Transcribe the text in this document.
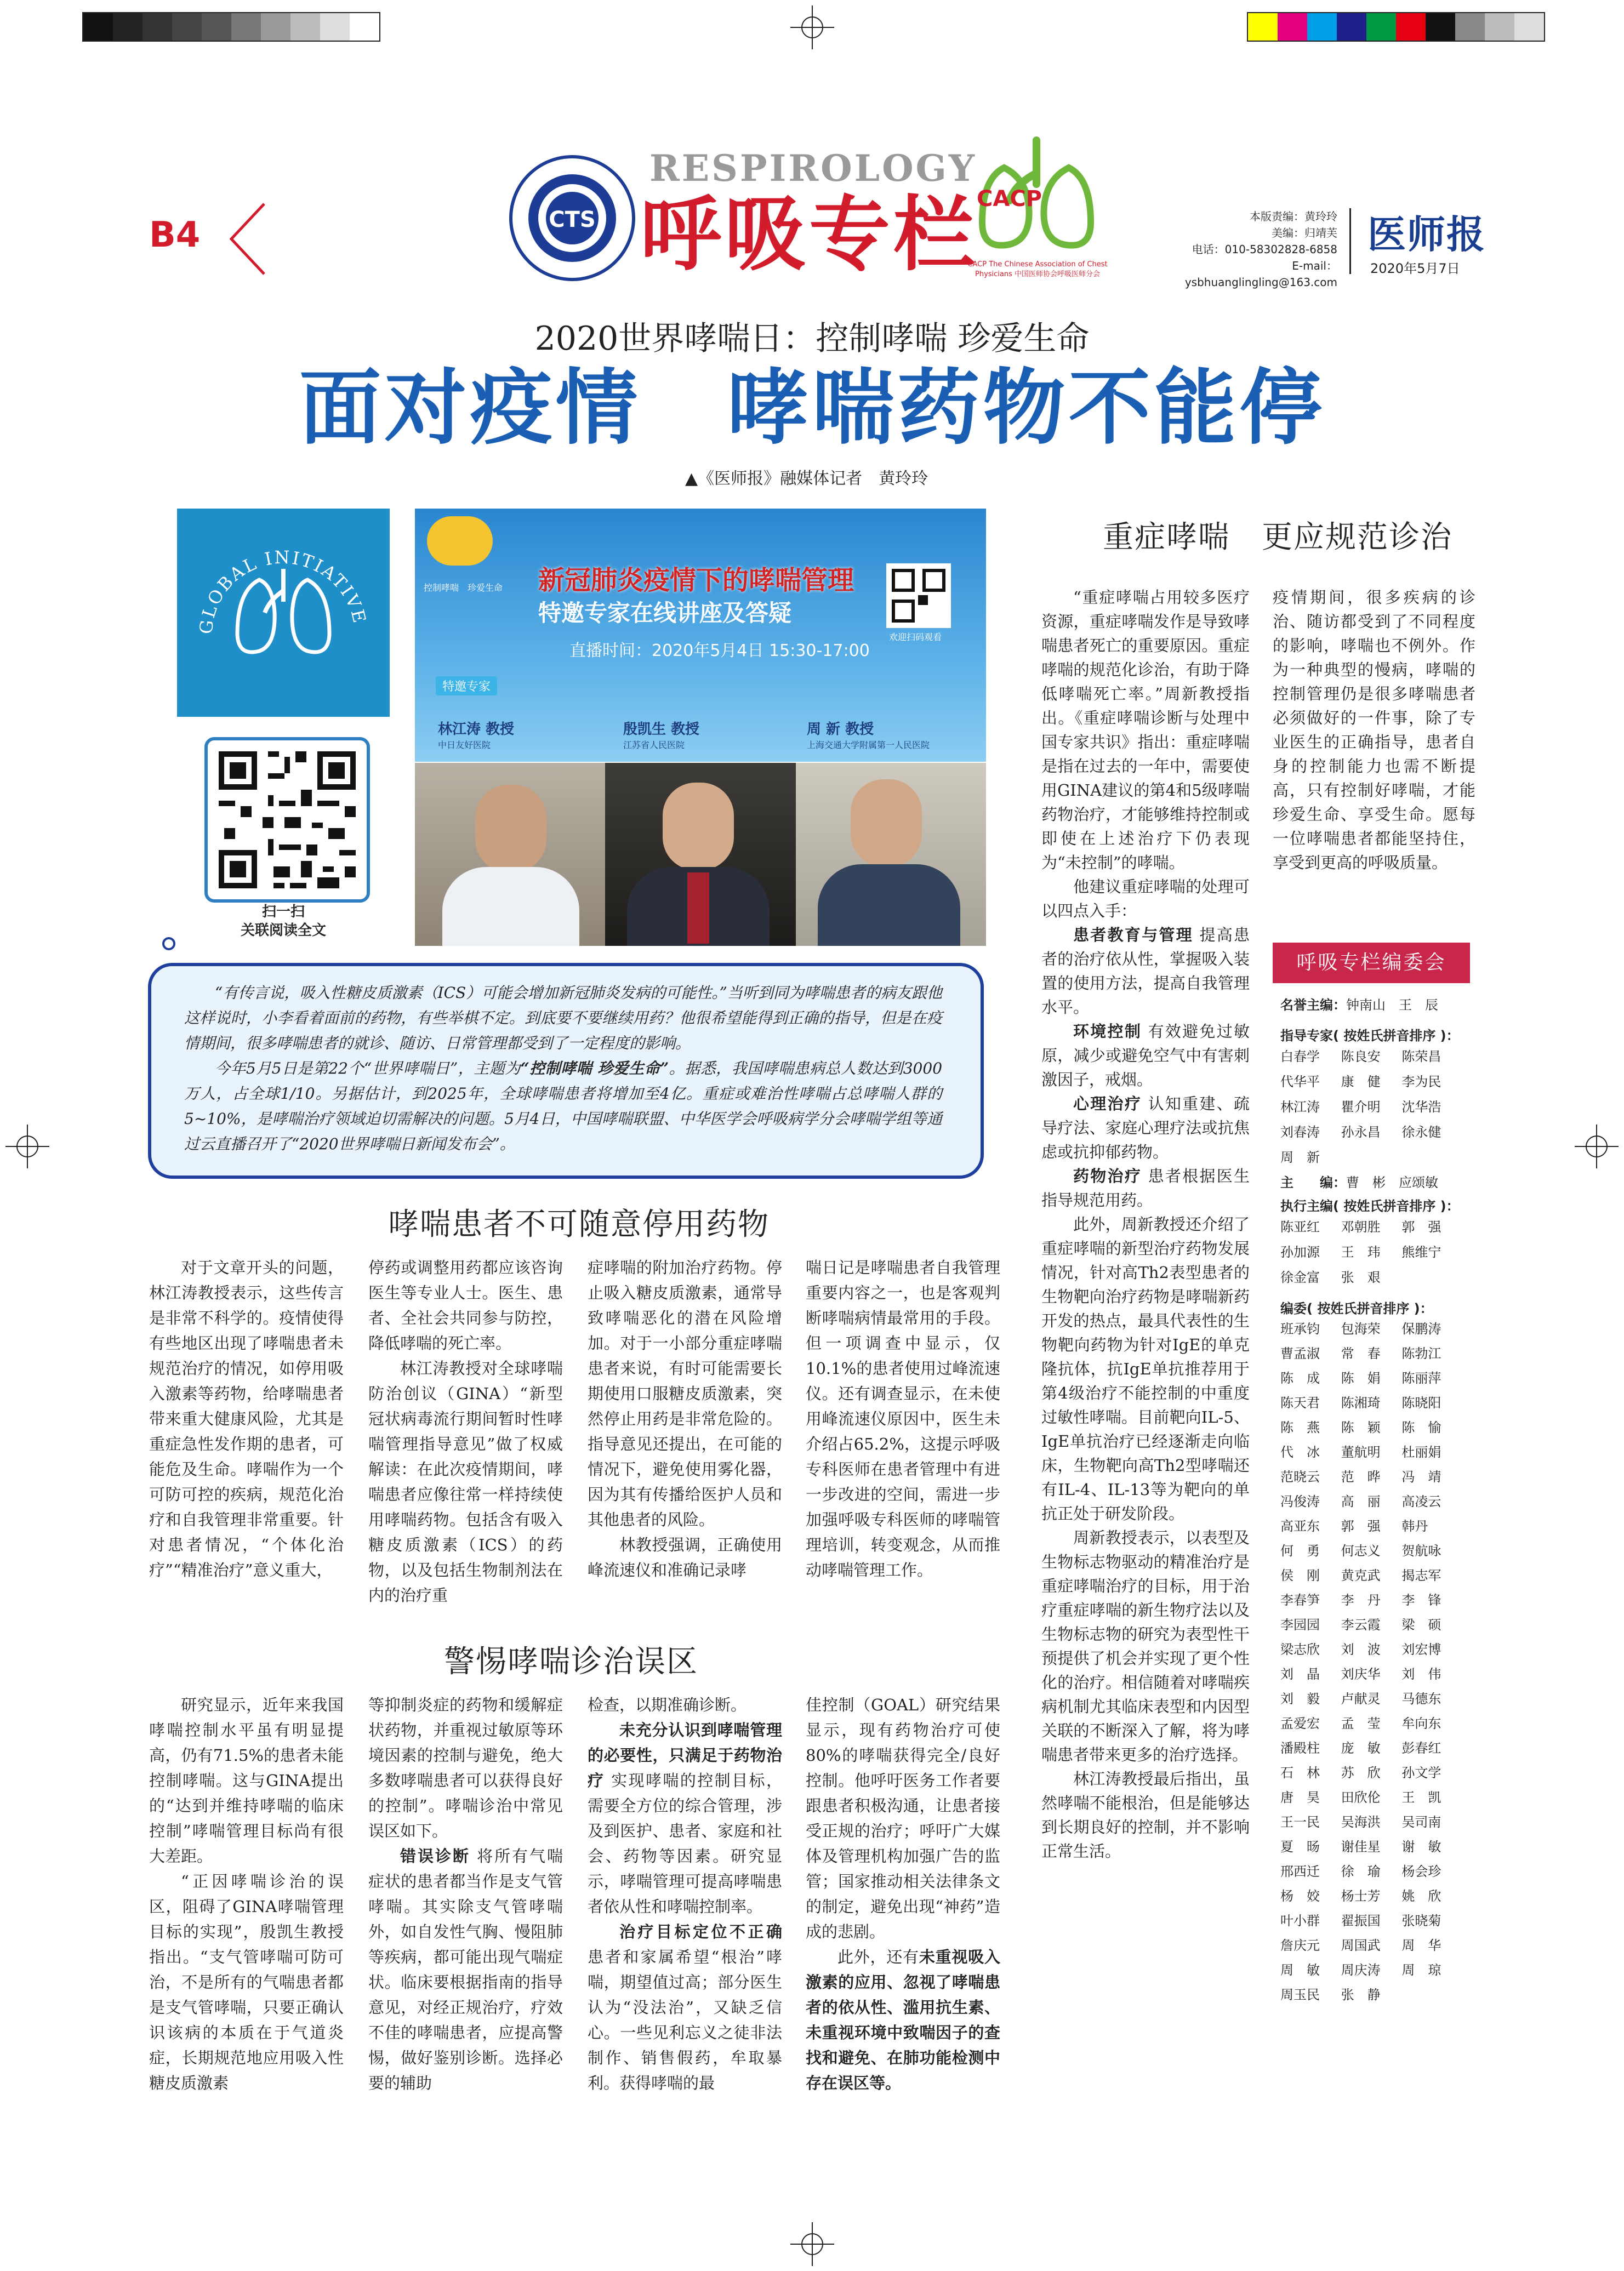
B4	CTS
RESPIROLOGY
呼吸专栏
CACP
CACP The Chinese Association of Chest Physicians 中国医师协会呼吸医师分会
本版责编：黄玲玲
美编：归靖芙
电话：010-58302828-6858
E-mail：ysbhuanglingling@163.com
医师报
2020年5月7日
2020世界哮喘日：控制哮喘 珍爱生命
面对疫情　哮喘药物不能停
▲《医师报》融媒体记者　黄玲玲
GLOBAL INITIATIVE
扫一扫
关联阅读全文
控制哮喘　珍爱生命 新冠肺炎疫情下的哮喘管理
特邀专家在线讲座及答疑
直播时间：2020年5月4日 15:30-17:00
欢迎扫码观看
特邀专家
林江涛 教授
中日友好医院
殷凯生 教授
江苏省人民医院
周 新 教授
上海交通大学附属第一人民医院

“有传言说，吸入性糖皮质激素（ICS）可能会增加新冠肺炎发病的可能性。”当听到同为哮喘患者的病友跟他这样说时，小李看着面前的药物，有些举棋不定。到底要不要继续用药？他很希望能得到正确的指导，但是在疫情期间，很多哮喘患者的就诊、随访、日常管理都受到了一定程度的影响。

今年5月5日是第22个“世界哮喘日”，主题为“控制哮喘 珍爱生命”。据悉，我国哮喘患病总人数达到3000万人，占全球1/10。另据估计，到2025年，全球哮喘患者将增加至4亿。重症或难治性哮喘占总哮喘人群的5~10%，是哮喘治疗领域迫切需解决的问题。5月4日，中国哮喘联盟、中华医学会呼吸病学分会哮喘学组等通过云直播召开了“2020世界哮喘日新闻发布会”。

哮喘患者不可随意停用药物

对于文章开头的问题，林江涛教授表示，这些传言是非常不科学的。疫情使得有些地区出现了哮喘患者未规范治疗的情况，如停用吸入激素等药物，给哮喘患者带来重大健康风险，尤其是重症急性发作期的患者，可能危及生命。哮喘作为一个可防可控的疾病，规范化治疗和自我管理非常重要。针对患者情况，“个体化治疗”“精准治疗”意义重大，

停药或调整用药都应该咨询医生等专业人士。医生、患者、全社会共同参与防控，降低哮喘的死亡率。

林江涛教授对全球哮喘防治创议（GINA）“新型冠状病毒流行期间暂时性哮喘管理指导意见”做了权威解读：在此次疫情期间，哮喘患者应像往常一样持续使用哮喘药物。包括含有吸入糖皮质激素（ICS）的药物，以及包括生物制剂法在内的治疗重

症哮喘的附加治疗药物。停止吸入糖皮质激素，通常导致哮喘恶化的潜在风险增加。对于一小部分重症哮喘患者来说，有时可能需要长期使用口服糖皮质激素，突然停止用药是非常危险的。指导意见还提出，在可能的情况下，避免使用雾化器，因为其有传播给医护人员和其他患者的风险。

林教授强调，正确使用峰流速仪和准确记录哮

喘日记是哮喘患者自我管理重要内容之一，也是客观判断哮喘病情最常用的手段。但一项调查中显示，仅10.1%的患者使用过峰流速仪。还有调查显示，在未使用峰流速仪原因中，医生未介绍占65.2%，这提示呼吸专科医师在患者管理中有进一步改进的空间，需进一步加强呼吸专科医师的哮喘管理培训，转变观念，从而推动哮喘管理工作。

警惕哮喘诊治误区

研究显示，近年来我国哮喘控制水平虽有明显提高，仍有71.5%的患者未能控制哮喘。这与GINA提出的“达到并维持哮喘的临床控制”哮喘管理目标尚有很大差距。

“正因哮喘诊治的误区，阻碍了GINA哮喘管理目标的实现”，殷凯生教授指出。“支气管哮喘可防可治，不是所有的气喘患者都是支气管哮喘，只要正确认识该病的本质在于气道炎症，长期规范地应用吸入性糖皮质激素

等抑制炎症的药物和缓解症状药物，并重视过敏原等环境因素的控制与避免，绝大多数哮喘患者可以获得良好的控制”。哮喘诊治中常见误区如下。

错误诊断 将所有气喘症状的患者都当作是支气管哮喘。其实除支气管哮喘外，如自发性气胸、慢阻肺等疾病，都可能出现气喘症状。临床要根据指南的指导意见，对经正规治疗，疗效不佳的哮喘患者，应提高警惕，做好鉴别诊断。选择必要的辅助

检查，以期准确诊断。

未充分认识到哮喘管理的必要性，只满足于药物治疗 实现哮喘的控制目标，需要全方位的综合管理，涉及到医护、患者、家庭和社会、药物等因素。研究显示，哮喘管理可提高哮喘患者依从性和哮喘控制率。

治疗目标定位不正确 患者和家属希望“根治”哮喘，期望值过高；部分医生认为“没法治”，又缺乏信心。一些见利忘义之徒非法制作、销售假药，牟取暴利。获得哮喘的最

佳控制（GOAL）研究结果显示，现有药物治疗可使80%的哮喘获得完全/良好控制。他呼吁医务工作者要跟患者积极沟通，让患者接受正规的治疗；呼吁广大媒体及管理机构加强广告的监管；国家推动相关法律条文的制定，避免出现“神药”造成的悲剧。

此外，还有未重视吸入激素的应用、忽视了哮喘患者的依从性、滥用抗生素、未重视环境中致喘因子的查找和避免、在肺功能检测中存在误区等。

重症哮喘　更应规范诊治

“重症哮喘占用较多医疗资源，重症哮喘发作是导致哮喘患者死亡的重要原因。重症哮喘的规范化诊治，有助于降低哮喘死亡率。”周新教授指出。《重症哮喘诊断与处理中国专家共识》指出：重症哮喘是指在过去的一年中，需要使用GINA建议的第4和5级哮喘药物治疗，才能够维持控制或即使在上述治疗下仍表现为“未控制”的哮喘。

他建议重症哮喘的处理可以四点入手：

患者教育与管理 提高患者的治疗依从性，掌握吸入装置的使用方法，提高自我管理水平。

环境控制 有效避免过敏原，减少或避免空气中有害刺激因子，戒烟。

心理治疗 认知重建、疏导疗法、家庭心理疗法或抗焦虑或抗抑郁药物。

药物治疗 患者根据医生指导规范用药。

此外，周新教授还介绍了重症哮喘的新型治疗药物发展情况，针对高Th2表型患者的生物靶向治疗药物是哮喘新药开发的热点，最具代表性的生物靶向药物为针对IgE的单克隆抗体，抗IgE单抗推荐用于第4级治疗不能控制的中重度过敏性哮喘。目前靶向IL-5、IgE单抗治疗已经逐渐走向临床，生物靶向高Th2型哮喘还有IL-4、IL-13等为靶向的单抗正处于研发阶段。

周新教授表示，以表型及生物标志物驱动的精准治疗是重症哮喘治疗的目标，用于治疗重症哮喘的新生物疗法以及生物标志物的研究为表型性干预提供了机会并实现了更个性化的治疗。相信随着对哮喘疾病机制尤其临床表型和内因型关联的不断深入了解，将为哮喘患者带来更多的治疗选择。

林江涛教授最后指出，虽然哮喘不能根治，但是能够达到长期良好的控制，并不影响正常生活。

疫情期间，很多疾病的诊治、随访都受到了不同程度的影响，哮喘也不例外。作为一种典型的慢病，哮喘的控制管理仍是很多哮喘患者必须做好的一件事，除了专业医生的正确指导，患者自身的控制能力也需不断提高，只有控制好哮喘，才能珍爱生命、享受生命。愿每一位哮喘患者都能坚持住，享受到更高的呼吸质量。

呼吸专栏编委会
名誉主编：钟南山　 王　辰
指导专家( 按姓氏拼音排序 )：
白春学	陈良安	陈荣昌
代华平	康　健	李为民
林江涛	瞿介明	沈华浩
刘春涛	孙永昌	徐永健
周　新
主　　编：曹　彬　 应颂敏
执行主编( 按姓氏拼音排序 )：
陈亚红	邓朝胜	郭　强
孙加源	王　玮	熊维宁
徐金富	张　艰
编委( 按姓氏拼音排序 )：
班承钧	包海荣	保鹏涛
曹孟淑	常　春	陈勃江
陈　成	陈　娟	陈丽萍
陈天君	陈湘琦	陈晓阳
陈　燕	陈　颖	陈　愉
代　冰	董航明	杜丽娟
范晓云	范　晔	冯　靖
冯俊涛	高　丽	高凌云
高亚东	郭　强	韩丹
何　勇	何志义	贺航咏
侯　刚	黄克武	揭志军
李春笋	李　丹	李　锋
李园园	李云霞	梁　硕
梁志欣	刘　波	刘宏博
刘　晶	刘庆华	刘　伟
刘　毅	卢献灵	马德东
孟爱宏	孟　莹	牟向东
潘殿柱	庞　敏	彭春红
石　林	苏　欣	孙文学
唐　昊	田欣伦	王　凯
王一民	吴海洪	吴司南
夏　旸	谢佳星	谢　敏
邢西迁	徐　瑜	杨会珍
杨　姣	杨士芳	姚　欣
叶小群	翟振国	张晓菊
詹庆元	周国武	周　华
周　敏	周庆涛	周　琼
周玉民	张　静
